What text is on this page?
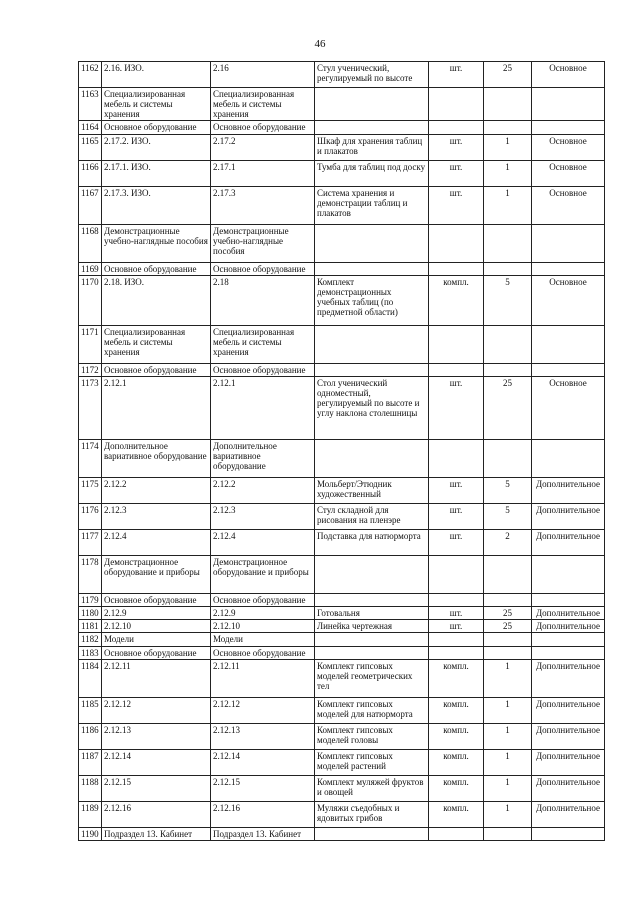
46
1162	2.16. ИЗО.	2.16	Стул ученический, регулируемый по высоте	шт.	25	Основное
1163	Специализированная мебель и системы хранения	Специализированная мебель и системы хранения				
1164	Основное оборудование	Основное оборудование				
1165	2.17.2. ИЗО.	2.17.2	Шкаф для хранения таблиц и плакатов	шт.	1	Основное
1166	2.17.1. ИЗО.	2.17.1	Тумба для таблиц под доску	шт.	1	Основное
1167	2.17.3. ИЗО.	2.17.3	Система хранения и демонстрации таблиц и плакатов	шт.	1	Основное
1168	Демонстрационные учебно-наглядные пособия	Демонстрационные учебно-наглядные пособия				
1169	Основное оборудование	Основное оборудование				
1170	2.18. ИЗО.	2.18	Комплект демонстрационных учебных таблиц (по предметной области)	компл.	5	Основное
1171	Специализированная мебель и системы хранения	Специализированная мебель и системы хранения				
1172	Основное оборудование	Основное оборудование				
1173	2.12.1	2.12.1	Стол ученический одноместный, регулируемый по высоте и углу наклона столешницы	шт.	25	Основное
1174	Дополнительное вариативное оборудование	Дополнительное вариативное оборудование				
1175	2.12.2	2.12.2	Мольберт/Этюдник художественный	шт.	5	Дополнительное
1176	2.12.3	2.12.3	Стул складной для рисования на пленэре	шт.	5	Дополнительное
1177	2.12.4	2.12.4	Подставка для натюрморта	шт.	2	Дополнительное
1178	Демонстрационное оборудование и приборы	Демонстрационное оборудование и приборы				
1179	Основное оборудование	Основное оборудование				
1180	2.12.9	2.12.9	Готовальня	шт.	25	Дополнительное
1181	2.12.10	2.12.10	Линейка чертежная	шт.	25	Дополнительное
1182	Модели	Модели				
1183	Основное оборудование	Основное оборудование				
1184	2.12.11	2.12.11	Комплект гипсовых моделей геометрических тел	компл.	1	Дополнительное
1185	2.12.12	2.12.12	Комплект гипсовых моделей для натюрморта	компл.	1	Дополнительное
1186	2.12.13	2.12.13	Комплект гипсовых моделей головы	компл.	1	Дополнительное
1187	2.12.14	2.12.14	Комплект гипсовых моделей растений	компл.	1	Дополнительное
1188	2.12.15	2.12.15	Комплект муляжей фруктов и овощей	компл.	1	Дополнительное
1189	2.12.16	2.12.16	Муляжи съедобных и ядовитых грибов	компл.	1	Дополнительное
1190	Подраздел 13. Кабинет	Подраздел 13. Кабинет				
